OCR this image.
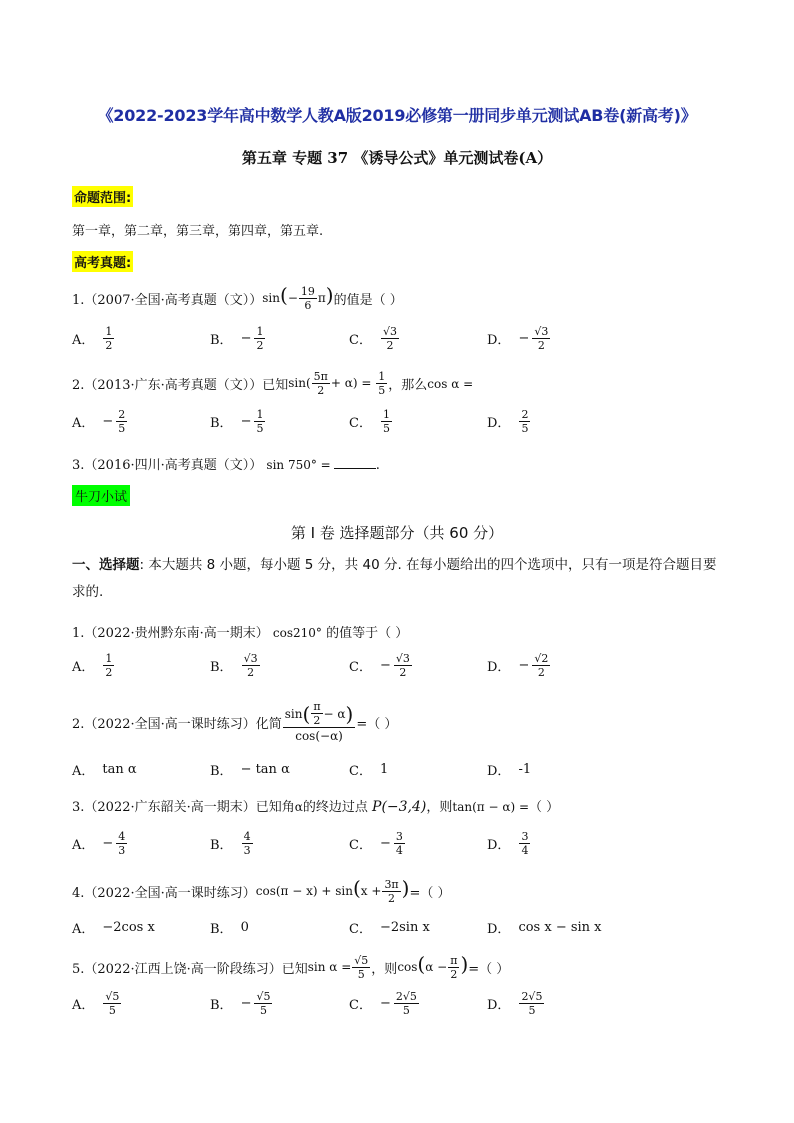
《2022-2023学年高中数学人教A版2019必修第一册同步单元测试AB卷(新高考)》
第五章 专题 37 《诱导公式》单元测试卷(A）
命题范围:
第一章，第二章，第三章，第四章，第五章.
高考真题:
1.（2007·全国·高考真题（文）） $\sin(- \frac{19}{6} \pi)$ 的值是（ ）
A． $\frac{1}{2}$	B． − $\frac{1}{2}$	C． $\frac{√3}{2}$	D． − $\frac{√3}{2}$
2.（2013·广东·高考真题（文））已知 $\sin( \frac{5\pi}{2} + \alpha) = \frac{1}{5}$ ，那么 cos α =
A． − $\frac{2}{5}$	B． − $\frac{1}{5}$	C． $\frac{1}{5}$	D． $\frac{2}{5}$
3.（2016·四川·高考真题（文）） sin 750° =	.
牛刀小试
第 I 卷 选择题部分（共 60 分）
一、选择题: 本大题共 8 小题，每小题 5 分，共 40 分. 在每小题给出的四个选项中，只有一项是符合题目要求的.
1.（2022·贵州黔东南·高一期末） cos210° 的值等于（ ）
A． $\frac{1}{2}$	B． $\frac{√3}{2}$	C． − $\frac{√3}{2}$	D． − $\frac{√2}{2}$
2.（2022·全国·高一课时练习）化简 $\frac{\sin ( \frac{\pi}{2} - \alpha )}{\cos(-\alpha)}$ =（ ）
A． tan α	B． − tan α	C． 1	D． -1
3.（2022·广东韶关·高一期末）已知角α的终边过点 P(−3,4)，则tan(π − α) =（ ）
A． − $\frac{4}{3}$	B． $\frac{4}{3}$	C． − $\frac{3}{4}$	D． $\frac{3}{4}$
4.（2022·全国·高一课时练习） $\cos(\pi - x) + \sin(x + \frac{3\pi}{2}$ ) =（ ）
A． −2cos x	B． 0	C． −2sin x	D． cos x − sin x
5.（2022·江西上饶·高一阶段练习）已知 $\sin \alpha = \frac{√5}{5}$ ，则 $\cos(\alpha - \frac{\pi}{2}$ ) =（ ）
A． $\frac{√5}{5}$	B． − $\frac{√5}{5}$	C． − $\frac{2√5}{5}$	D． $\frac{2√5}{5}$
